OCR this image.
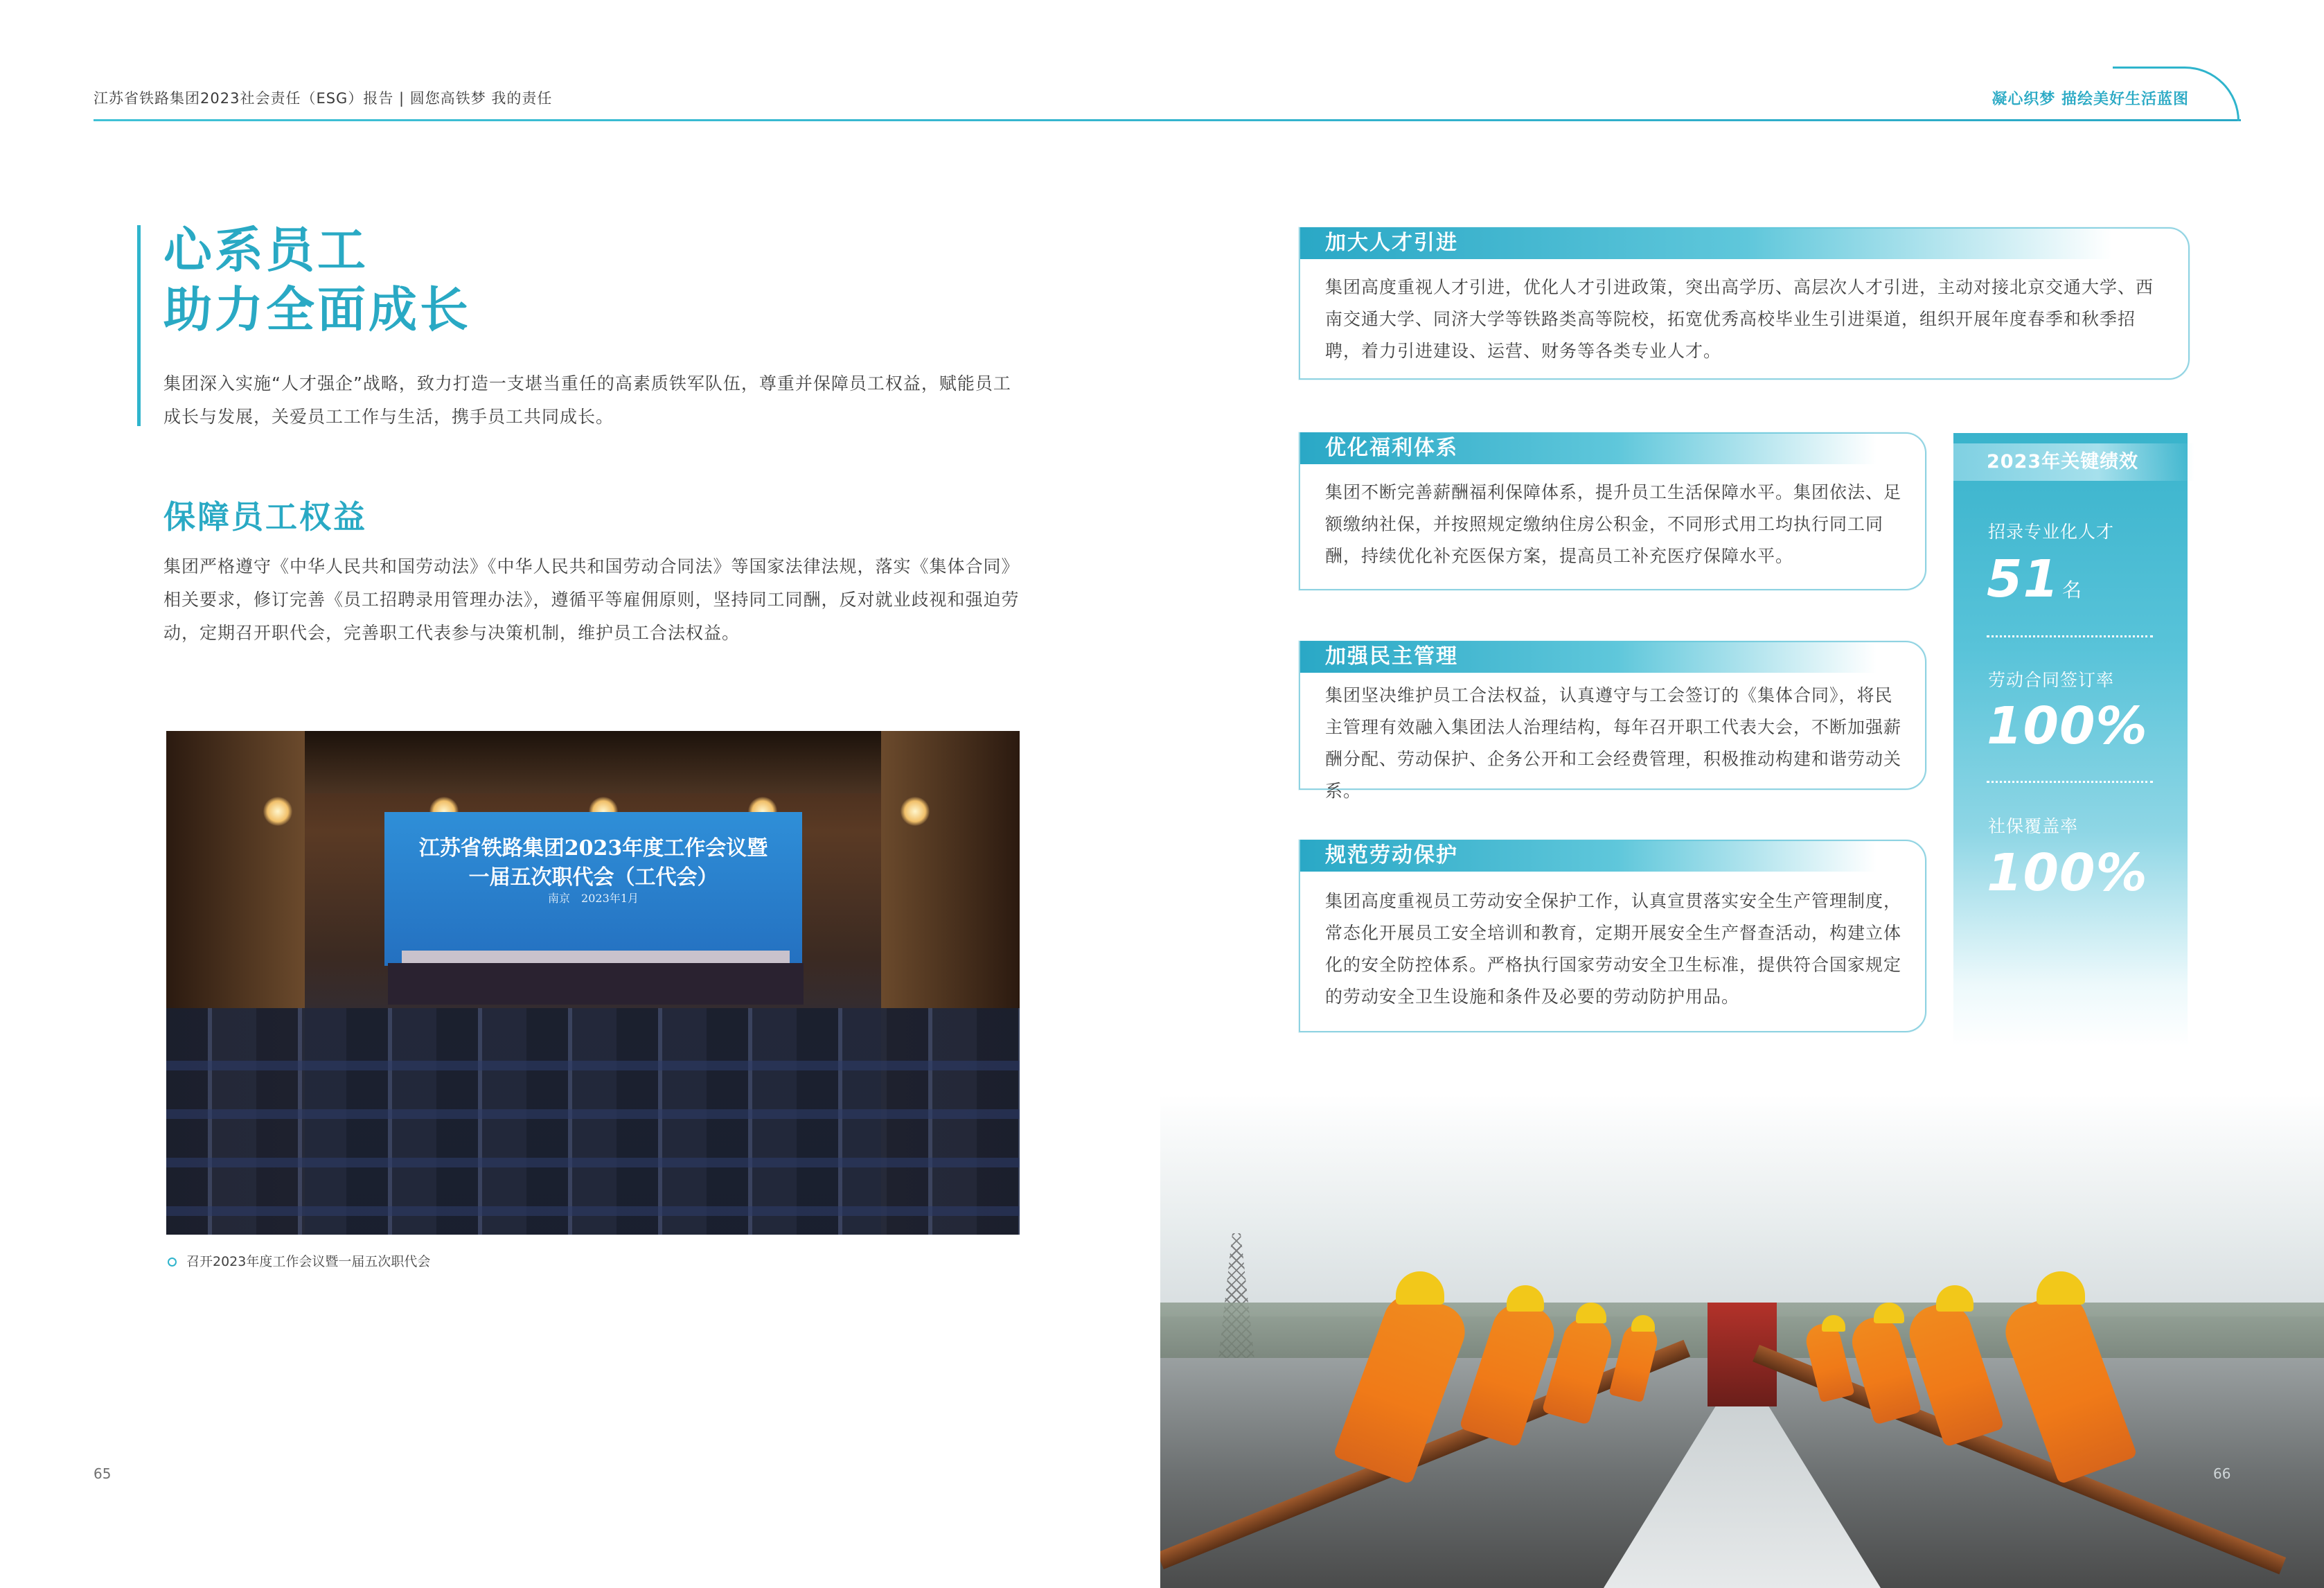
江苏省铁路集团2023社会责任（ESG）报告 | 圆您高铁梦 我的责任	凝心织梦 描绘美好生活蓝图
心系员工
助力全面成长
集团深入实施“人才强企”战略，致力打造一支堪当重任的高素质铁军队伍，尊重并保障员工权益，赋能员工成长与发展，关爱员工工作与生活，携手员工共同成长。
保障员工权益
集团严格遵守《中华人民共和国劳动法》《中华人民共和国劳动合同法》等国家法律法规，落实《集体合同》相关要求，修订完善《员工招聘录用管理办法》，遵循平等雇佣原则，坚持同工同酬，反对就业歧视和强迫劳动，定期召开职代会，完善职工代表参与决策机制，维护员工合法权益。
江苏省铁路集团2023年度工作会议暨
一届五次职代会（工代会）
南京　2023年1月
召开2023年度工作会议暨一届五次职代会
65
加大人才引进
集团高度重视人才引进，优化人才引进政策，突出高学历、高层次人才引进，主动对接北京交通大学、西南交通大学、同济大学等铁路类高等院校，拓宽优秀高校毕业生引进渠道，组织开展年度春季和秋季招聘，着力引进建设、运营、财务等各类专业人才。
优化福利体系
集团不断完善薪酬福利保障体系，提升员工生活保障水平。集团依法、足额缴纳社保，并按照规定缴纳住房公积金，不同形式用工均执行同工同酬，持续优化补充医保方案，提高员工补充医疗保障水平。
加强民主管理
集团坚决维护员工合法权益，认真遵守与工会签订的《集体合同》，将民主管理有效融入集团法人治理结构，每年召开职工代表大会，不断加强薪酬分配、劳动保护、企务公开和工会经费管理，积极推动构建和谐劳动关系。
规范劳动保护
集团高度重视员工劳动安全保护工作，认真宣贯落实安全生产管理制度，常态化开展员工安全培训和教育，定期开展安全生产督查活动，构建立体化的安全防控体系。严格执行国家劳动安全卫生标准，提供符合国家规定的劳动安全卫生设施和条件及必要的劳动防护用品。
2023年关键绩效
招录专业化人才
51 名
劳动合同签订率
100%
社保覆盖率
100%
66
